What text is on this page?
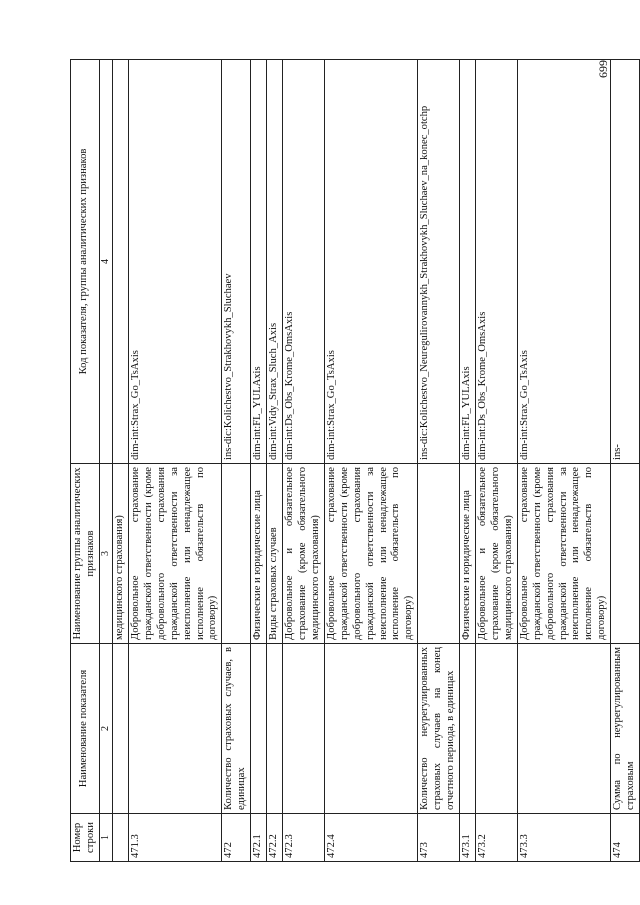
699
Номер строки	Наименование показателя	Наименование группы аналитических признаков	Код показателя, группы аналитических признаков
1	2	3	4
		медицинского страхования)	
471.3		Добровольное страхование гражданской ответственности (кроме добровольного страхования гражданской ответственности за неисполнение или ненадлежащее исполнение обязательств по договору)	dim-int:Strax_Go_TsAxis
472	Количество страховых случаев, в единицах		ins-dic:Kolichestvo_Strakhovykh_Sluchaev
472.1		Физические и юридические лица	dim-int:FL_YULAxis
472.2		Виды страховых случаев	dim-int:Vidy_Strax_Sluch_Axis
472.3		Добровольное и обязательное страхование (кроме обязательного медицинского страхования)	dim-int:Ds_Obs_Krome_OmsAxis
472.4		Добровольное страхование гражданской ответственности (кроме добровольного страхования гражданской ответственности за неисполнение или ненадлежащее исполнение обязательств по договору)	dim-int:Strax_Go_TsAxis
473	Количество неурегулированных страховых случаев на конец отчетного периода, в единицах		ins-dic:Kolichestvo_Neuregulirovannykh_Strakhovykh_Sluchaev_na_konec_otchp
473.1		Физические и юридические лица	dim-int:FL_YULAxis
473.2		Добровольное и обязательное страхование (кроме обязательного медицинского страхования)	dim-int:Ds_Obs_Krome_OmsAxis
473.3		Добровольное страхование гражданской ответственности (кроме добровольного страхования гражданской ответственности за неисполнение или ненадлежащее исполнение обязательств по договору)	dim-int:Strax_Go_TsAxis
474	Сумма по неурегулированным страховым		ins-
